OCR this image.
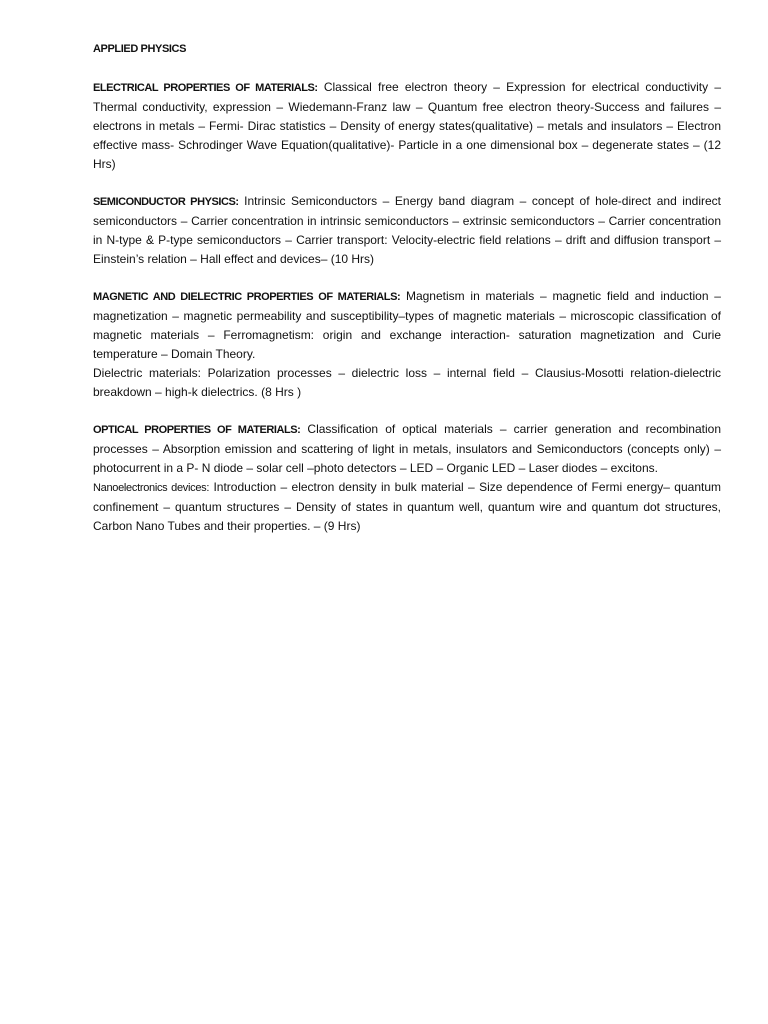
APPLIED PHYSICS

ELECTRICAL PROPERTIES OF MATERIALS: Classical free electron theory – Expression for electrical conductivity – Thermal conductivity, expression – Wiedemann-Franz law – Quantum free electron theory-Success and failures – electrons in metals – Fermi- Dirac statistics – Density of energy states(qualitative) – metals and insulators – Electron effective mass- Schrodinger Wave Equation(qualitative)- Particle in a one dimensional box – degenerate states – (12 Hrs)

SEMICONDUCTOR PHYSICS: Intrinsic Semiconductors – Energy band diagram – concept of hole-direct and indirect semiconductors – Carrier concentration in intrinsic semiconductors – extrinsic semiconductors – Carrier concentration in N-type & P-type semiconductors – Carrier transport: Velocity-electric field relations – drift and diffusion transport – Einstein’s relation – Hall effect and devices– (10 Hrs)

MAGNETIC AND DIELECTRIC PROPERTIES OF MATERIALS: Magnetism in materials – magnetic field and induction – magnetization – magnetic permeability and susceptibility–types of magnetic materials – microscopic classification of magnetic materials – Ferromagnetism: origin and exchange interaction- saturation magnetization and Curie temperature – Domain Theory.

Dielectric materials: Polarization processes – dielectric loss – internal field – Clausius-Mosotti relation-dielectric breakdown – high-k dielectrics. (8 Hrs )

OPTICAL PROPERTIES OF MATERIALS: Classification of optical materials – carrier generation and recombination processes – Absorption emission and scattering of light in metals, insulators and Semiconductors (concepts only) – photocurrent in a P- N diode – solar cell –photo detectors – LED – Organic LED – Laser diodes – excitons.

Nanoelectronics devices: Introduction – electron density in bulk material – Size dependence of Fermi energy– quantum confinement – quantum structures – Density of states in quantum well, quantum wire and quantum dot structures, Carbon Nano Tubes and their properties. – (9 Hrs)
